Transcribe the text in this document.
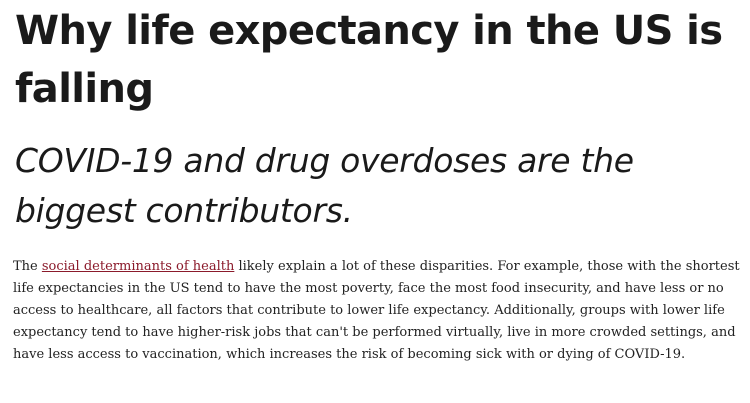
Why life expectancy in the US is falling
COVID-19 and drug overdoses are the biggest contributors.

The social determinants of health likely explain a lot of these disparities. For example, those with the shortest life expectancies in the US tend to have the most poverty, face the most food insecurity, and have less or no access to healthcare, all factors that contribute to lower life expectancy. Additionally, groups with lower life expectancy tend to have higher-risk jobs that can't be performed virtually, live in more crowded settings, and have less access to vaccination, which increases the risk of becoming sick with or dying of COVID-19.
